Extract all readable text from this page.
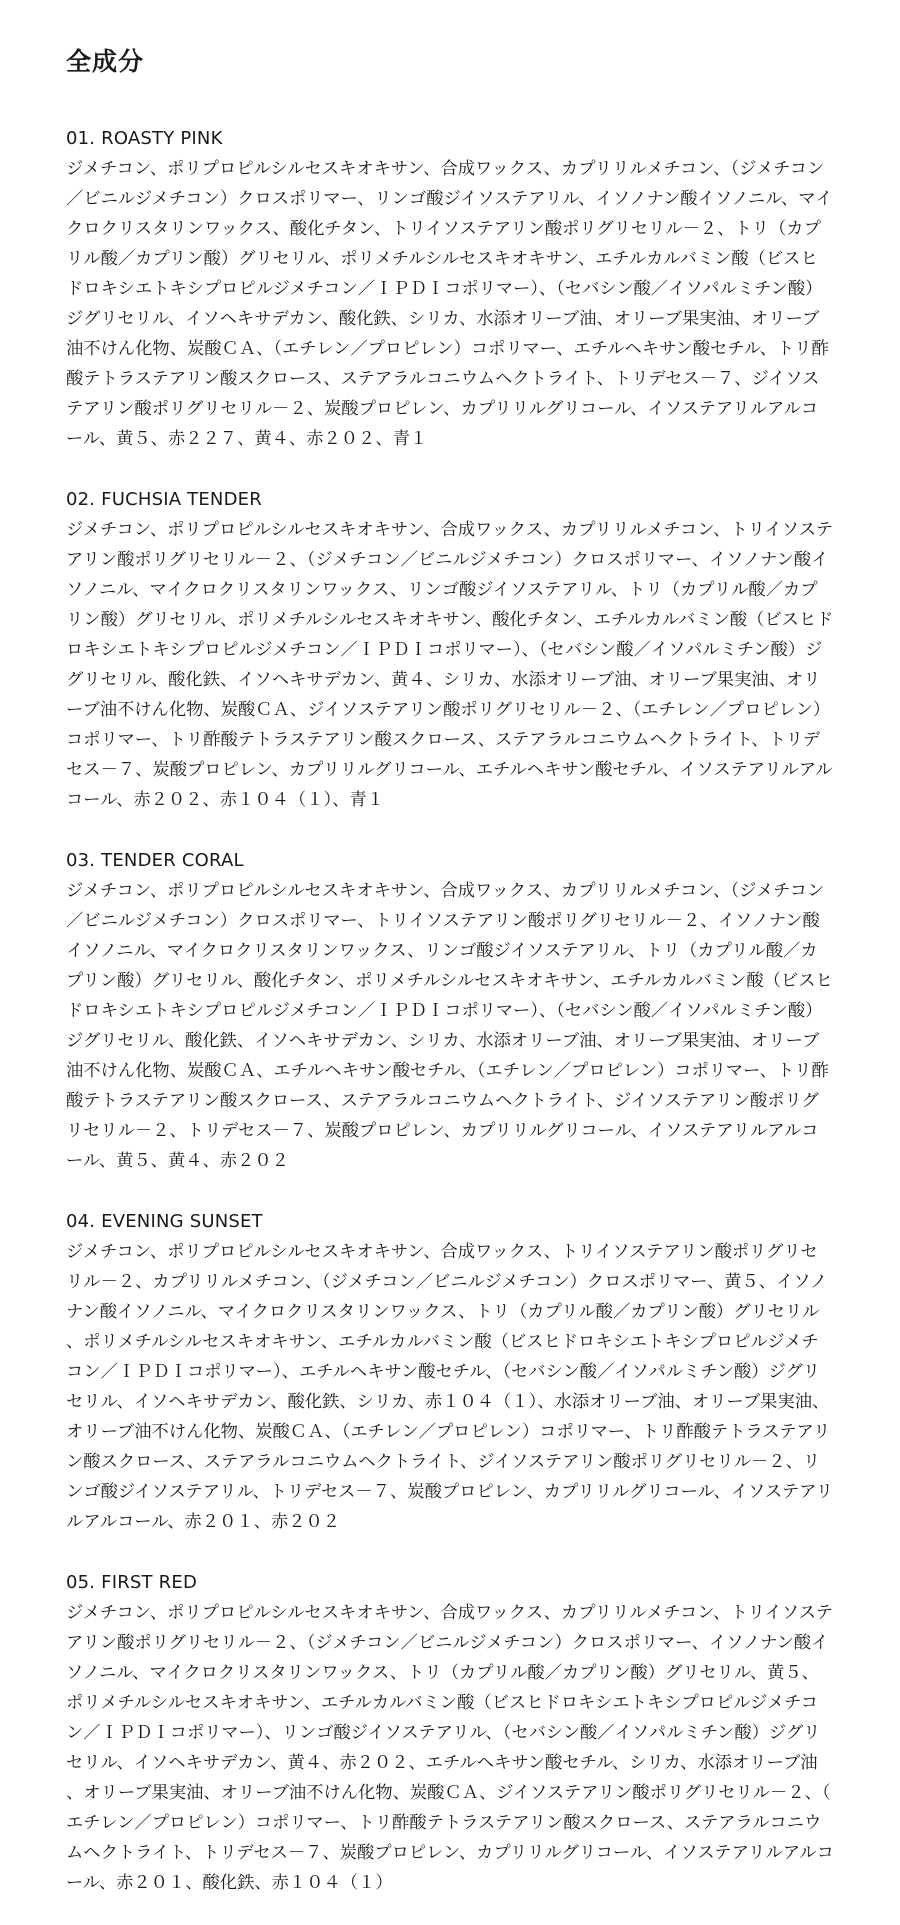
全成分

01. ROASTY PINK

ジメチコン、ポリプロピルシルセスキオキサン、合成ワックス、カプリリルメチコン、（ジメチコン／ビニルジメチコン）クロスポリマー、リンゴ酸ジイソステアリル、イソノナン酸イソノニル、マイクロクリスタリンワックス、酸化チタン、トリイソステアリン酸ポリグリセリル－２、トリ（カプリル酸／カプリン酸）グリセリル、ポリメチルシルセスキオキサン、エチルカルバミン酸（ビスヒドロキシエトキシプロピルジメチコン／ＩＰＤＩコポリマー）、（セバシン酸／イソパルミチン酸）ジグリセリル、イソヘキサデカン、酸化鉄、シリカ、水添オリーブ油、オリーブ果実油、オリーブ油不けん化物、炭酸ＣＡ、（エチレン／プロピレン）コポリマー、エチルヘキサン酸セチル、トリ酢酸テトラステアリン酸スクロース、ステアラルコニウムヘクトライト、トリデセス－７、ジイソステアリン酸ポリグリセリル－２、炭酸プロピレン、カプリリルグリコール、イソステアリルアルコール、黄５、赤２２７、黄４、赤２０２、青１

02. FUCHSIA TENDER

ジメチコン、ポリプロピルシルセスキオキサン、合成ワックス、カプリリルメチコン、トリイソステアリン酸ポリグリセリル－２、（ジメチコン／ビニルジメチコン）クロスポリマー、イソノナン酸イソノニル、マイクロクリスタリンワックス、リンゴ酸ジイソステアリル、トリ（カプリル酸／カプリン酸）グリセリル、ポリメチルシルセスキオキサン、酸化チタン、エチルカルバミン酸（ビスヒドロキシエトキシプロピルジメチコン／ＩＰＤＩコポリマー）、（セバシン酸／イソパルミチン酸）ジグリセリル、酸化鉄、イソヘキサデカン、黄４、シリカ、水添オリーブ油、オリーブ果実油、オリーブ油不けん化物、炭酸ＣＡ、ジイソステアリン酸ポリグリセリル－２、（エチレン／プロピレン）コポリマー、トリ酢酸テトラステアリン酸スクロース、ステアラルコニウムヘクトライト、トリデセス－７、炭酸プロピレン、カプリリルグリコール、エチルヘキサン酸セチル、イソステアリルアルコール、赤２０２、赤１０４（１）、青１

03. TENDER CORAL

ジメチコン、ポリプロピルシルセスキオキサン、合成ワックス、カプリリルメチコン、（ジメチコン／ビニルジメチコン）クロスポリマー、トリイソステアリン酸ポリグリセリル－２、イソノナン酸イソノニル、マイクロクリスタリンワックス、リンゴ酸ジイソステアリル、トリ（カプリル酸／カプリン酸）グリセリル、酸化チタン、ポリメチルシルセスキオキサン、エチルカルバミン酸（ビスヒドロキシエトキシプロピルジメチコン／ＩＰＤＩコポリマー）、（セバシン酸／イソパルミチン酸）ジグリセリル、酸化鉄、イソヘキサデカン、シリカ、水添オリーブ油、オリーブ果実油、オリーブ油不けん化物、炭酸ＣＡ、エチルヘキサン酸セチル、（エチレン／プロピレン）コポリマー、トリ酢酸テトラステアリン酸スクロース、ステアラルコニウムヘクトライト、ジイソステアリン酸ポリグリセリル－２、トリデセス－７、炭酸プロピレン、カプリリルグリコール、イソステアリルアルコール、黄５、黄４、赤２０２

04. EVENING SUNSET

ジメチコン、ポリプロピルシルセスキオキサン、合成ワックス、トリイソステアリン酸ポリグリセリル－２、カプリリルメチコン、（ジメチコン／ビニルジメチコン）クロスポリマー、黄５、イソノナン酸イソノニル、マイクロクリスタリンワックス、トリ（カプリル酸／カプリン酸）グリセリル、ポリメチルシルセスキオキサン、エチルカルバミン酸（ビスヒドロキシエトキシプロピルジメチコン／ＩＰＤＩコポリマー）、エチルヘキサン酸セチル、（セバシン酸／イソパルミチン酸）ジグリセリル、イソヘキサデカン、酸化鉄、シリカ、赤１０４（１）、水添オリーブ油、オリーブ果実油、オリーブ油不けん化物、炭酸ＣＡ、（エチレン／プロピレン）コポリマー、トリ酢酸テトラステアリン酸スクロース、ステアラルコニウムヘクトライト、ジイソステアリン酸ポリグリセリル－２、リンゴ酸ジイソステアリル、トリデセス－７、炭酸プロピレン、カプリリルグリコール、イソステアリルアルコール、赤２０１、赤２０２

05. FIRST RED

ジメチコン、ポリプロピルシルセスキオキサン、合成ワックス、カプリリルメチコン、トリイソステアリン酸ポリグリセリル－２、（ジメチコン／ビニルジメチコン）クロスポリマー、イソノナン酸イソノニル、マイクロクリスタリンワックス、トリ（カプリル酸／カプリン酸）グリセリル、黄５、ポリメチルシルセスキオキサン、エチルカルバミン酸（ビスヒドロキシエトキシプロピルジメチコン／ＩＰＤＩコポリマー）、リンゴ酸ジイソステアリル、（セバシン酸／イソパルミチン酸）ジグリセリル、イソヘキサデカン、黄４、赤２０２、エチルヘキサン酸セチル、シリカ、水添オリーブ油、オリーブ果実油、オリーブ油不けん化物、炭酸ＣＡ、ジイソステアリン酸ポリグリセリル－２、（エチレン／プロピレン）コポリマー、トリ酢酸テトラステアリン酸スクロース、ステアラルコニウムヘクトライト、トリデセス－７、炭酸プロピレン、カプリリルグリコール、イソステアリルアルコール、赤２０１、酸化鉄、赤１０４（１）
